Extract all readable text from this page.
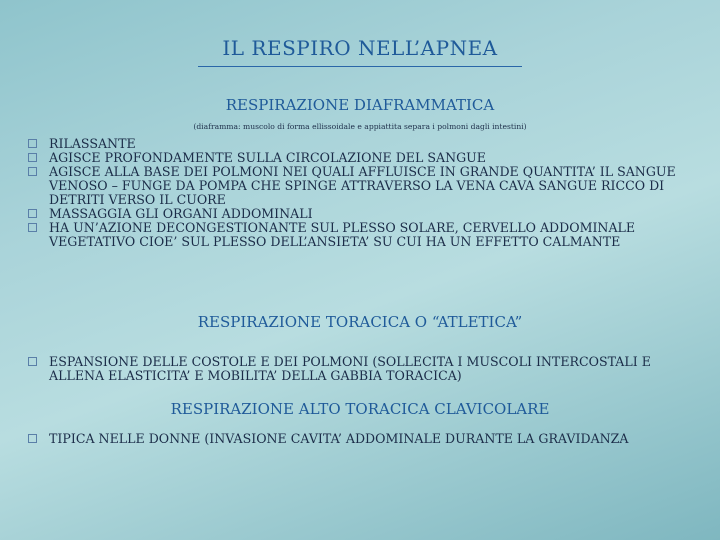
IL RESPIRO NELL’APNEA
RESPIRAZIONE DIAFRAMMATICA
(diaframma: muscolo di forma ellissoidale e appiattita separa i polmoni dagli intestini)
RILASSANTE
AGISCE PROFONDAMENTE SULLA CIRCOLAZIONE DEL SANGUE
AGISCE ALLA BASE DEI POLMONI NEI QUALI AFFLUISCE IN GRANDE QUANTITA’ IL SANGUE VENOSO – FUNGE DA POMPA CHE SPINGE ATTRAVERSO LA VENA CAVA SANGUE RICCO DI DETRITI VERSO IL CUORE
MASSAGGIA GLI ORGANI ADDOMINALI
HA UN’AZIONE DECONGESTIONANTE SUL PLESSO SOLARE, CERVELLO ADDOMINALE VEGETATIVO CIOE’ SUL PLESSO DELL’ANSIETA’ SU CUI HA UN EFFETTO CALMANTE
RESPIRAZIONE TORACICA O “ATLETICA”
ESPANSIONE DELLE COSTOLE E DEI POLMONI (SOLLECITA I MUSCOLI INTERCOSTALI E ALLENA ELASTICITA’ E MOBILITA’ DELLA GABBIA TORACICA)
RESPIRAZIONE ALTO TORACICA CLAVICOLARE
TIPICA NELLE DONNE (INVASIONE CAVITA’ ADDOMINALE DURANTE LA GRAVIDANZA
